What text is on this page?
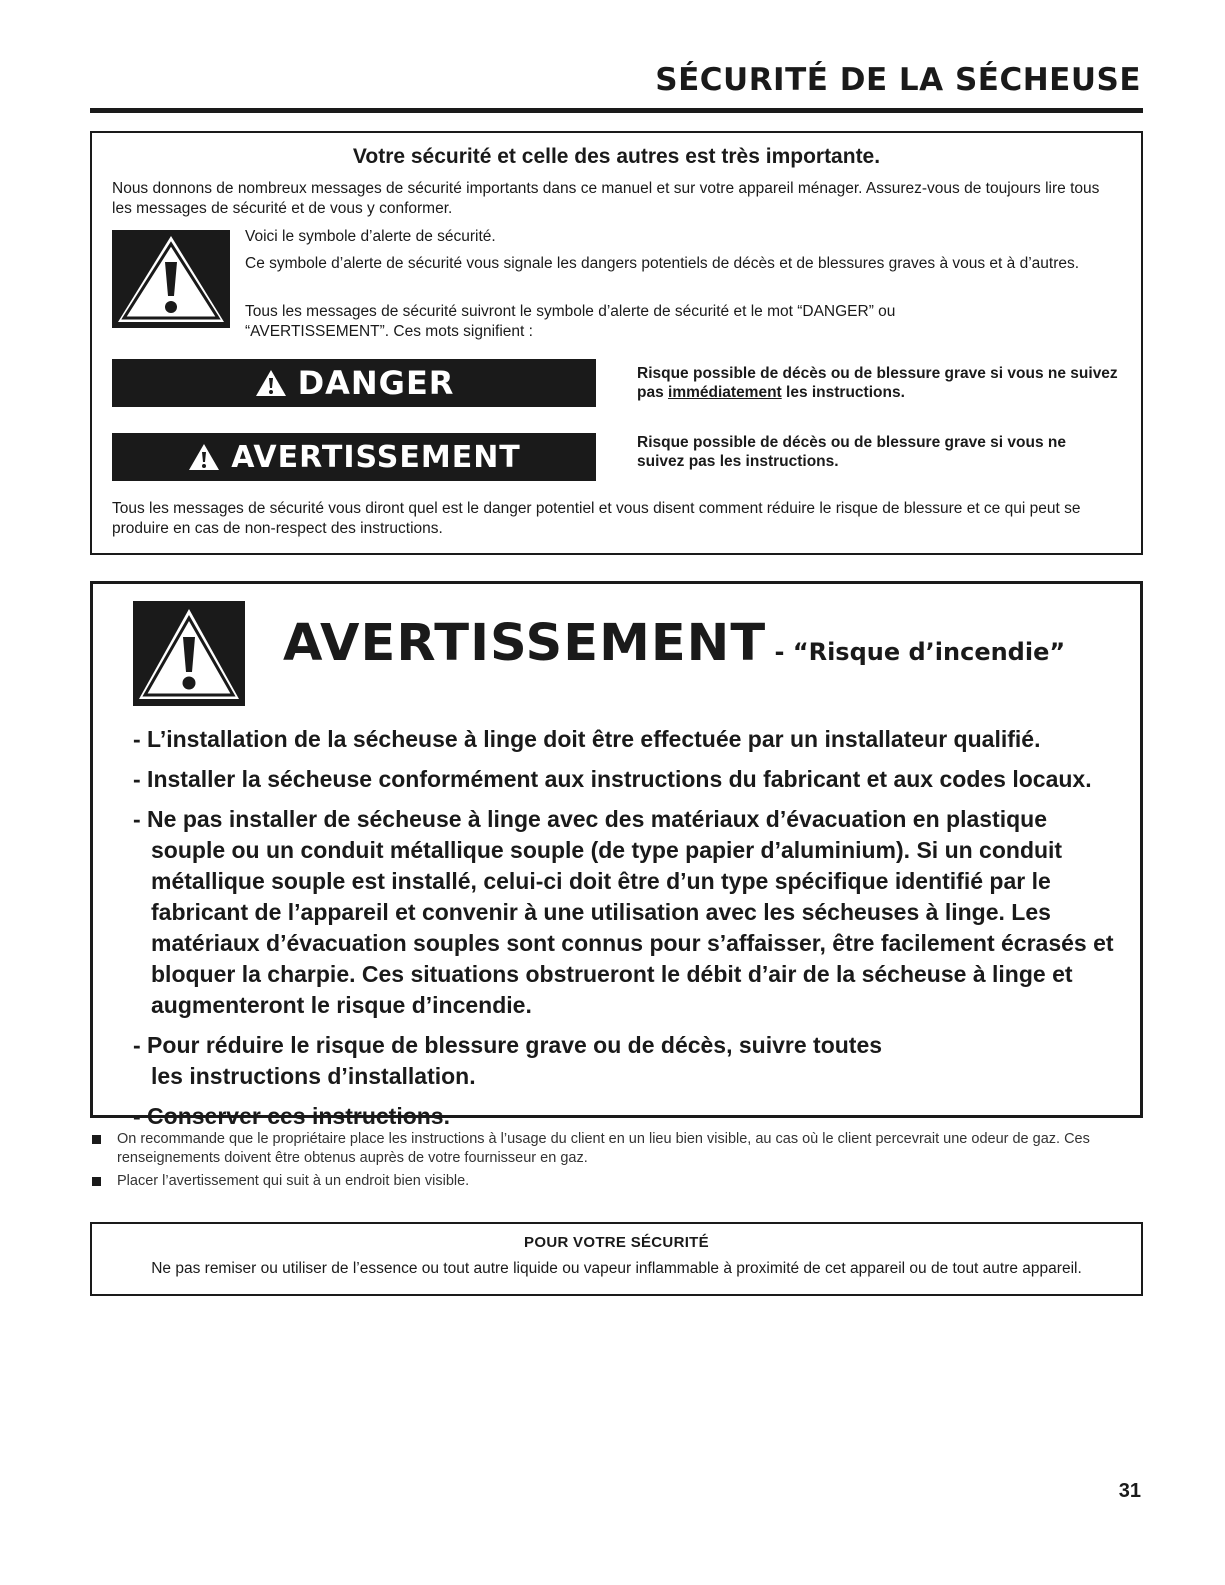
SÉCURITÉ DE LA SÉCHEUSE
Votre sécurité et celle des autres est très importante.
Nous donnons de nombreux messages de sécurité importants dans ce manuel et sur votre appareil ménager. Assurez-vous de toujours lire tous les messages de sécurité et de vous y conformer.
Voici le symbole d’alerte de sécurité.
Ce symbole d’alerte de sécurité vous signale les dangers potentiels de décès et de blessures graves à vous et à d’autres.
Tous les messages de sécurité suivront le symbole d’alerte de sécurité et le mot “DANGER” ou “AVERTISSEMENT”. Ces mots signifient :
DANGER	Risque possible de décès ou de blessure grave si vous ne suivez pas immédiatement les instructions.
AVERTISSEMENT	Risque possible de décès ou de blessure grave si vous ne suivez pas les instructions.
Tous les messages de sécurité vous diront quel est le danger potentiel et vous disent comment réduire le risque de blessure et ce qui peut se produire en cas de non-respect des instructions.
AVERTISSEMENT - “Risque d’incendie”
- L’installation de la sécheuse à linge doit être effectuée par un installateur qualifié.
- Installer la sécheuse conformément aux instructions du fabricant et aux codes locaux.
- Ne pas installer de sécheuse à linge avec des matériaux d’évacuation en plastique souple ou un conduit métallique souple (de type papier d’aluminium). Si un conduit métallique souple est installé, celui-ci doit être d’un type spécifique identifié par le fabricant de l’appareil et convenir à une utilisation avec les sécheuses à linge. Les matériaux d’évacuation souples sont connus pour s’affaisser, être facilement écrasés et bloquer la charpie. Ces situations obstrueront le débit d’air de la sécheuse à linge et augmenteront le risque d’incendie.
- Pour réduire le risque de blessure grave ou de décès, suivre toutes les instructions d’installation.
- Conserver ces instructions.
On recommande que le propriétaire place les instructions à l’usage du client en un lieu bien visible, au cas où le client percevrait une odeur de gaz. Ces renseignements doivent être obtenus auprès de votre fournisseur en gaz.
Placer l’avertissement qui suit à un endroit bien visible.
POUR VOTRE SÉCURITÉ
Ne pas remiser ou utiliser de l’essence ou tout autre liquide ou vapeur inflammable à proximité de cet appareil ou de tout autre appareil.
31
